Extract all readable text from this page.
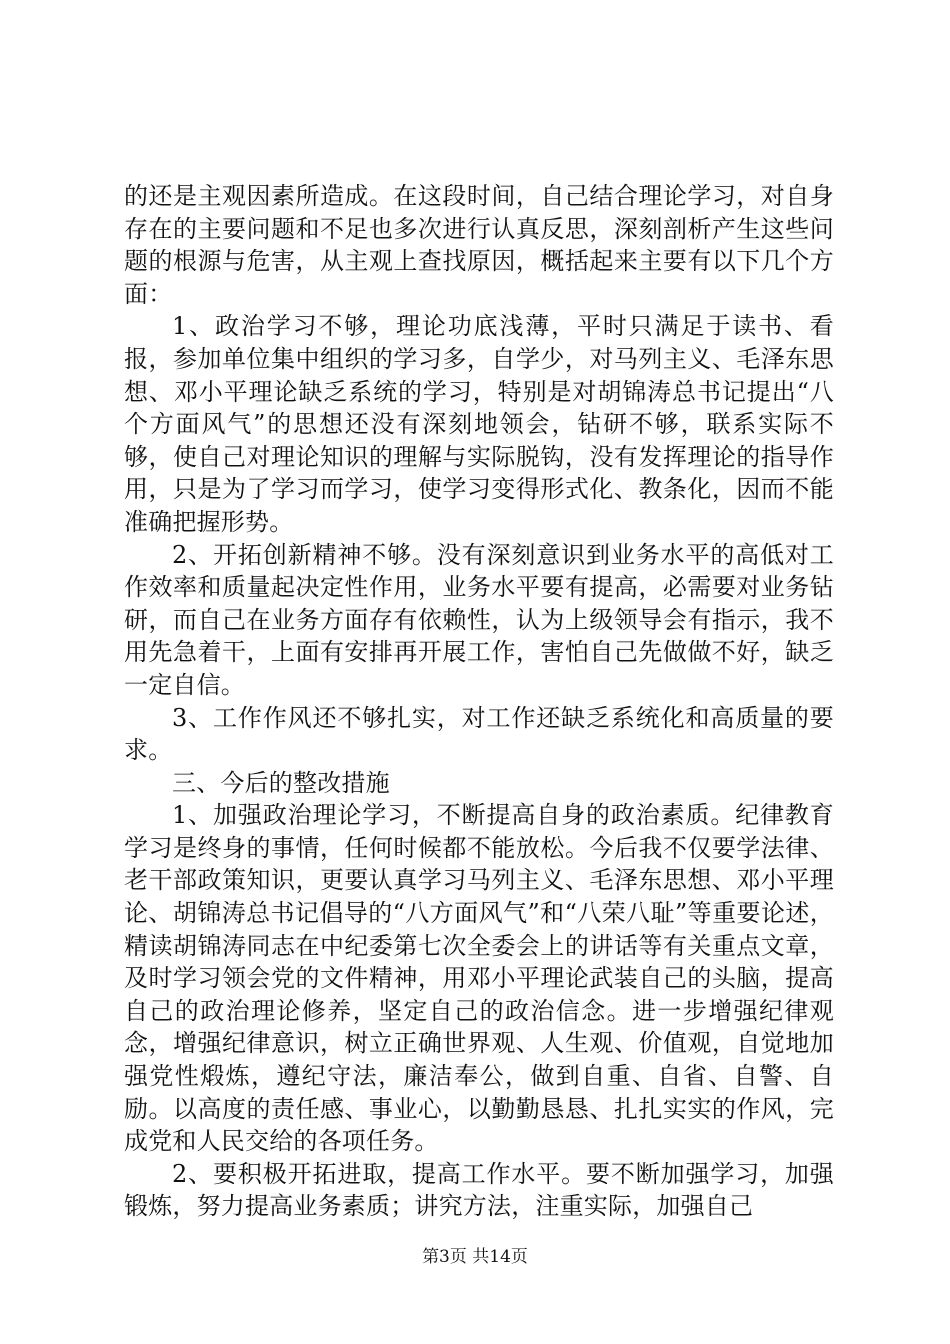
的还是主观因素所造成。在这段时间，自己结合理论学习，对自身存在的主要问题和不足也多次进行认真反思，深刻剖析产生这些问题的根源与危害，从主观上查找原因，概括起来主要有以下几个方面：

1、政治学习不够，理论功底浅薄，平时只满足于读书、看报，参加单位集中组织的学习多，自学少，对马列主义、毛泽东思想、邓小平理论缺乏系统的学习，特别是对胡锦涛总书记提出“八个方面风气”的思想还没有深刻地领会，钻研不够，联系实际不够，使自己对理论知识的理解与实际脱钩，没有发挥理论的指导作用，只是为了学习而学习，使学习变得形式化、教条化，因而不能准确把握形势。

2、开拓创新精神不够。没有深刻意识到业务水平的高低对工作效率和质量起决定性作用，业务水平要有提高，必需要对业务钻研，而自己在业务方面存有依赖性，认为上级领导会有指示，我不用先急着干，上面有安排再开展工作，害怕自己先做做不好，缺乏一定自信。

3、工作作风还不够扎实，对工作还缺乏系统化和高质量的要求。

三、今后的整改措施

1、加强政治理论学习，不断提高自身的政治素质。纪律教育学习是终身的事情，任何时候都不能放松。今后我不仅要学法律、老干部政策知识，更要认真学习马列主义、毛泽东思想、邓小平理论、胡锦涛总书记倡导的“八方面风气”和“八荣八耻”等重要论述，精读胡锦涛同志在中纪委第七次全委会上的讲话等有关重点文章，及时学习领会党的文件精神，用邓小平理论武装自己的头脑，提高自己的政治理论修养，坚定自己的政治信念。进一步增强纪律观念，增强纪律意识，树立正确世界观、人生观、价值观，自觉地加强党性煅炼，遵纪守法，廉洁奉公，做到自重、自省、自警、自励。以高度的责任感、事业心，以勤勤恳恳、扎扎实实的作风，完成党和人民交给的各项任务。

2、要积极开拓进取，提高工作水平。要不断加强学习，加强锻炼，努力提高业务素质；讲究方法，注重实际，加强自己

第3页 共14页
